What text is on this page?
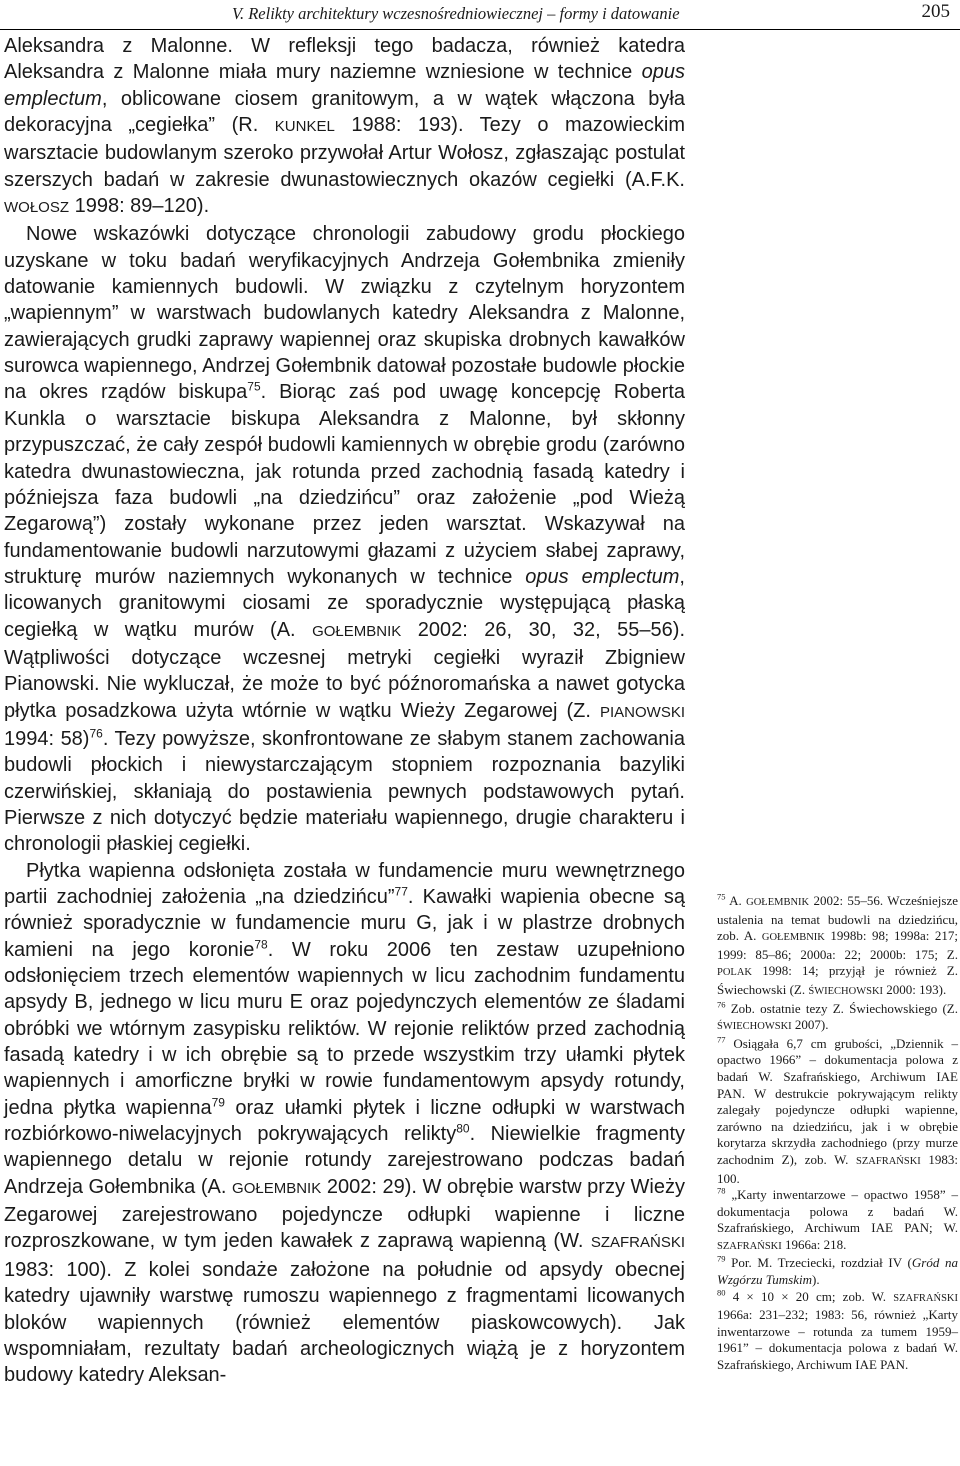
V. Relikty architektury wczesnośredniowiecznej – formy i datowanie	205

Aleksandra z Malonne. W refleksji tego badacza, również katedra Aleksandra z Malonne miała mury naziemne wzniesione w technice opus emplectum, oblicowane ciosem granitowym, a w wątek włączona była dekoracyjna „cegiełka” (R. KUNKEL 1988: 193). Tezy o mazowieckim warsztacie budowlanym szeroko przywołał Artur Wołosz, zgłaszając postulat szerszych badań w zakresie dwunastowiecznych okazów cegiełki (A.F.K. WOŁOSZ 1998: 89–120).

Nowe wskazówki dotyczące chronologii zabudowy grodu płockiego uzyskane w toku badań weryfikacyjnych Andrzeja Gołembnika zmieniły datowanie kamiennych budowli. W związku z czytelnym horyzontem „wapiennym” w warstwach budowlanych katedry Aleksandra z Malonne, zawierających grudki zaprawy wapiennej oraz skupiska drobnych kawałków surowca wapiennego, Andrzej Gołembnik datował pozostałe budowle płockie na okres rządów biskupa$^{75}$. Biorąc zaś pod uwagę koncepcję Roberta Kunkla o warsztacie biskupa Aleksandra z Malonne, był skłonny przypuszczać, że cały zespół budowli kamiennych w obrębie grodu (zarówno katedra dwunastowieczna, jak rotunda przed zachodnią fasadą katedry i późniejsza faza budowli „na dziedzińcu” oraz założenie „pod Wieżą Zegarową”) zostały wykonane przez jeden warsztat. Wskazywał na fundamentowanie budowli narzutowymi głazami z użyciem słabej zaprawy, strukturę murów naziemnych wykonanych w technice opus emplectum, licowanych granitowymi ciosami ze sporadycznie występującą płaską cegiełką w wątku murów (A. GOŁEMBNIK 2002: 26, 30, 32, 55–56). Wątpliwości dotyczące wczesnej metryki cegiełki wyraził Zbigniew Pianowski. Nie wykluczał, że może to być późnoromańska a nawet gotycka płytka posadzkowa użyta wtórnie w wątku Wieży Zegarowej (Z. PIANOWSKI 1994: 58)$^{76}$. Tezy powyższe, skonfrontowane ze słabym stanem zachowania budowli płockich i niewystarczającym stopniem rozpoznania bazyliki czerwińskiej, skłaniają do postawienia pewnych podstawowych pytań. Pierwsze z nich dotyczyć będzie materiału wapiennego, drugie charakteru i chronologii płaskiej cegiełki.

Płytka wapienna odsłonięta została w fundamencie muru wewnętrznego partii zachodniej założenia „na dziedzińcu”$^{77}$. Kawałki wapienia obecne są również sporadycznie w fundamencie muru G, jak i w plastrze drobnych kamieni na jego koronie$^{78}$. W roku 2006 ten zestaw uzupełniono odsłonięciem trzech elementów wapiennych w licu zachodnim fundamentu apsydy B, jednego w licu muru E oraz pojedynczych elementów ze śladami obróbki we wtórnym zasypisku reliktów. W rejonie reliktów przed zachodnią fasadą katedry i w ich obrębie są to przede wszystkim trzy ułamki płytek wapiennych i amorficzne bryłki w rowie fundamentowym apsydy rotundy, jedna płytka wapienna$^{79}$ oraz ułamki płytek i liczne odłupki w warstwach rozbiórkowo-niwelacyjnych pokrywających relikty$^{80}$. Niewielkie fragmenty wapiennego detalu w rejonie rotundy zarejestrowano podczas badań Andrzeja Gołembnika (A. GOŁEMBNIK 2002: 29). W obrębie warstw przy Wieży Zegarowej zarejestrowano pojedyncze odłupki wapienne i liczne rozproszkowane, w tym jeden kawałek z zaprawą wapienną (W. SZAFRAŃSKI 1983: 100). Z kolei sondaże założone na południe od apsydy obecnej katedry ujawniły warstwę rumoszu wapiennego z fragmentami licowanych bloków wapiennych (również elementów piaskowcowych). Jak wspomniałam, rezultaty badań archeologicznych wiążą je z horyzontem budowy katedry Aleksan-

$^{75}$ A. GOŁEMBNIK 2002: 55–56. Wcześniejsze ustalenia na temat budowli na dziedzińcu, zob. A. GOŁEMBNIK 1998b: 98; 1998a: 217; 1999: 85–86; 2000a: 22; 2000b: 175; Z. POLAK 1998: 14; przyjął je również Z. Świechowski (Z. ŚWIECHOWSKI 2000: 193).

$^{76}$ Zob. ostatnie tezy Z. Świechowskiego (Z. ŚWIECHOWSKI 2007).

$^{77}$ Osiągała 6,7 cm grubości, „Dziennik – opactwo 1966” – dokumentacja polowa z badań W. Szafrańskiego, Archiwum IAE PAN. W destrukcie pokrywającym relikty zalegały pojedyncze odłupki wapienne, zarówno na dziedzińcu, jak i w obrębie korytarza skrzydła zachodniego (przy murze zachodnim Z), zob. W. SZAFRAŃSKI 1983: 100.

$^{78}$ „Karty inwentarzowe – opactwo 1958” – dokumentacja polowa z badań W. Szafrańskiego, Archiwum IAE PAN; W. SZAFRAŃSKI 1966a: 218.

$^{79}$ Por. M. Trzeciecki, rozdział IV (Gród na Wzgórzu Tumskim).

$^{80}$ 4 × 10 × 20 cm; zob. W. SZAFRAŃSKI 1966a: 231–232; 1983: 56, również „Karty inwentarzowe – rotunda za tumem 1959–1961” – dokumentacja polowa z badań W. Szafrańskiego, Archiwum IAE PAN.
